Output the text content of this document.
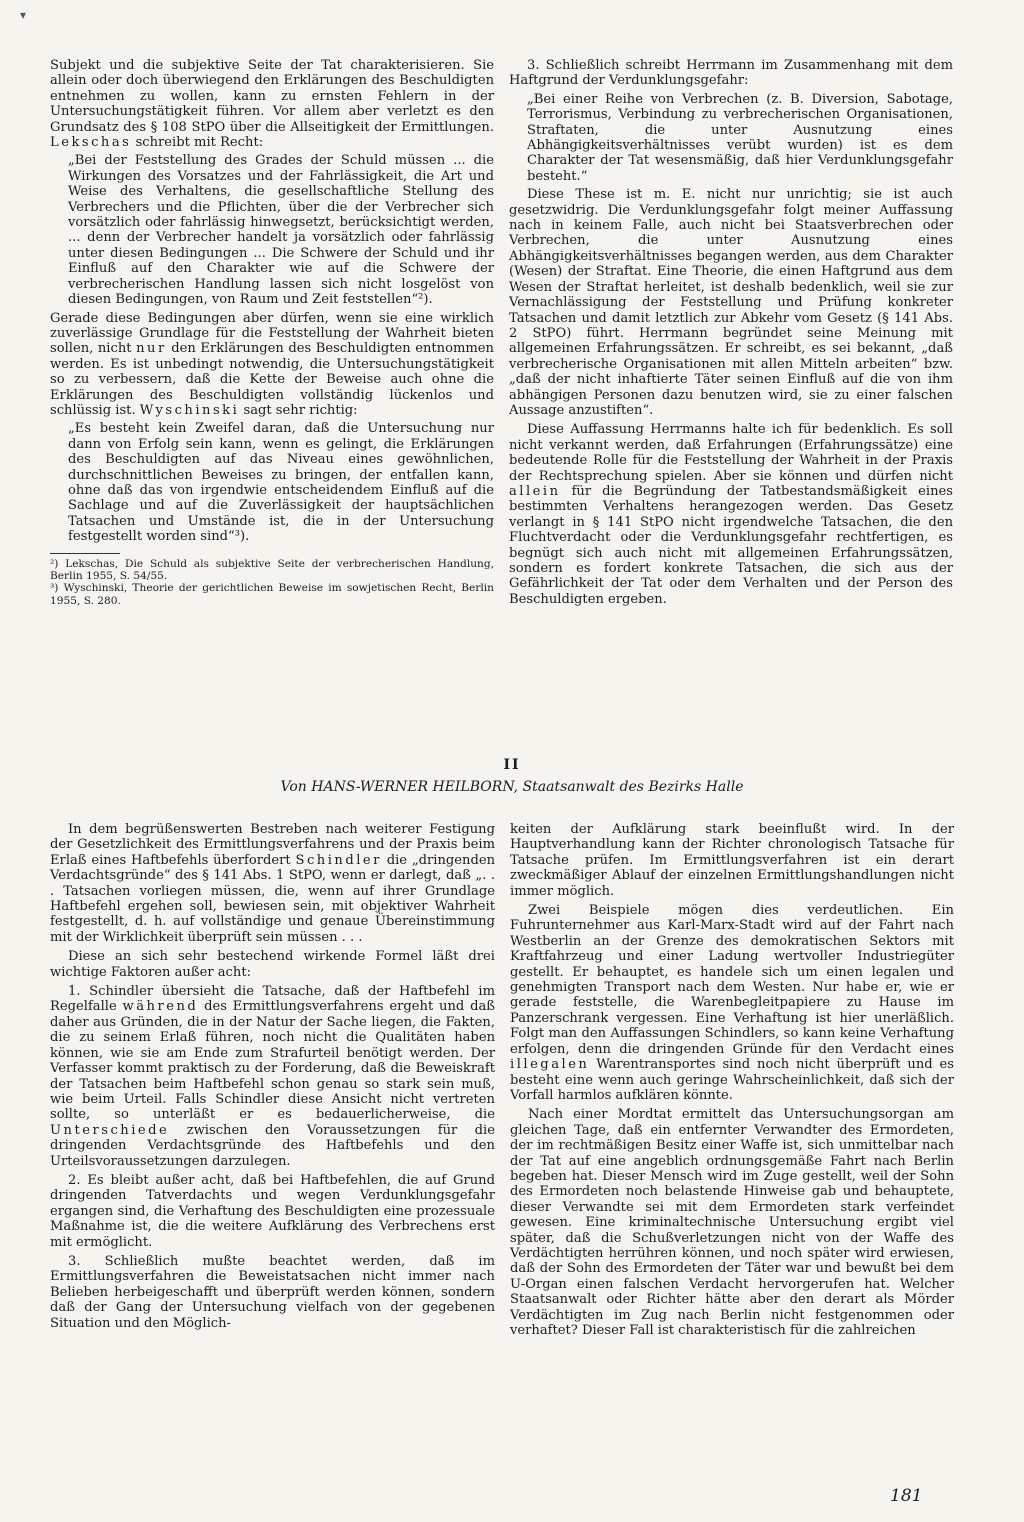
▾

Subjekt und die subjektive Seite der Tat charakterisieren. Sie allein oder doch überwiegend den Erklärungen des Beschuldigten entnehmen zu wollen, kann zu ernsten Fehlern in der Untersuchungstätigkeit führen. Vor allem aber verletzt es den Grundsatz des § 108 StPO über die Allseitigkeit der Ermittlungen. Lekschas schreibt mit Recht:

„Bei der Feststellung des Grades der Schuld müssen ... die Wirkungen des Vorsatzes und der Fahrlässigkeit, die Art und Weise des Verhaltens, die gesellschaftliche Stellung des Verbrechers und die Pflichten, über die der Verbrecher sich vorsätzlich oder fahrlässig hinwegsetzt, berücksichtigt werden, ... denn der Verbrecher handelt ja vorsätzlich oder fahrlässig unter diesen Bedingungen ... Die Schwere der Schuld und ihr Einfluß auf den Charakter wie auf die Schwere der verbrecherischen Handlung lassen sich nicht losgelöst von diesen Bedingungen, von Raum und Zeit feststellen“²).

Gerade diese Bedingungen aber dürfen, wenn sie eine wirklich zuverlässige Grundlage für die Feststellung der Wahrheit bieten sollen, nicht nur den Erklärungen des Beschuldigten entnommen werden. Es ist unbedingt notwendig, die Untersuchungstätigkeit so zu verbessern, daß die Kette der Beweise auch ohne die Erklärungen des Beschuldigten vollständig lückenlos und schlüssig ist. Wyschinski sagt sehr richtig:

„Es besteht kein Zweifel daran, daß die Untersuchung nur dann von Erfolg sein kann, wenn es gelingt, die Erklärungen des Beschuldigten auf das Niveau eines gewöhnlichen, durchschnittlichen Beweises zu bringen, der entfallen kann, ohne daß das von irgendwie entscheidendem Einfluß auf die Sachlage und auf die Zuverlässigkeit der hauptsächlichen Tatsachen und Umstände ist, die in der Untersuchung festgestellt worden sind“³).

²) Lekschas, Die Schuld als subjektive Seite der verbrecherischen Handlung, Berlin 1955, S. 54/55.

³) Wyschinski, Theorie der gerichtlichen Beweise im sowjetischen Recht, Berlin 1955, S. 280.

3. Schließlich schreibt Herrmann im Zusammenhang mit dem Haftgrund der Verdunklungsgefahr:

„Bei einer Reihe von Verbrechen (z. B. Diversion, Sabotage, Terrorismus, Verbindung zu verbrecherischen Organisationen, Straftaten, die unter Ausnutzung eines Abhängigkeitsverhältnisses verübt wurden) ist es dem Charakter der Tat wesensmäßig, daß hier Verdunklungsgefahr besteht.“

Diese These ist m. E. nicht nur unrichtig; sie ist auch gesetzwidrig. Die Verdunklungsgefahr folgt meiner Auffassung nach in keinem Falle, auch nicht bei Staatsverbrechen oder Verbrechen, die unter Ausnutzung eines Abhängigkeitsverhältnisses begangen werden, aus dem Charakter (Wesen) der Straftat. Eine Theorie, die einen Haftgrund aus dem Wesen der Straftat herleitet, ist deshalb bedenklich, weil sie zur Vernachlässigung der Feststellung und Prüfung konkreter Tatsachen und damit letztlich zur Abkehr vom Gesetz (§ 141 Abs. 2 StPO) führt. Herrmann begründet seine Meinung mit allgemeinen Erfahrungssätzen. Er schreibt, es sei bekannt, „daß verbrecherische Organisationen mit allen Mitteln arbeiten“ bzw. „daß der nicht inhaftierte Täter seinen Einfluß auf die von ihm abhängigen Personen dazu benutzen wird, sie zu einer falschen Aussage anzustiften“.

Diese Auffassung Herrmanns halte ich für bedenklich. Es soll nicht verkannt werden, daß Erfahrungen (Erfahrungssätze) eine bedeutende Rolle für die Feststellung der Wahrheit in der Praxis der Rechtsprechung spielen. Aber sie können und dürfen nicht allein für die Begründung der Tatbestandsmäßigkeit eines bestimmten Verhaltens herangezogen werden. Das Gesetz verlangt in § 141 StPO nicht irgendwelche Tatsachen, die den Fluchtverdacht oder die Verdunklungsgefahr rechtfertigen, es begnügt sich auch nicht mit allgemeinen Erfahrungssätzen, sondern es fordert konkrete Tatsachen, die sich aus der Gefährlichkeit der Tat oder dem Verhalten und der Person des Beschuldigten ergeben.

II
Von HANS-WERNER HEILBORN, Staatsanwalt des Bezirks Halle

In dem begrüßenswerten Bestreben nach weiterer Festigung der Gesetzlichkeit des Ermittlungsverfahrens und der Praxis beim Erlaß eines Haftbefehls überfordert Schindler die „dringenden Verdachtsgründe“ des § 141 Abs. 1 StPO, wenn er darlegt, daß „. . . Tatsachen vorliegen müssen, die, wenn auf ihrer Grundlage Haftbefehl ergehen soll, bewiesen sein, mit objektiver Wahrheit festgestellt, d. h. auf vollständige und genaue Übereinstimmung mit der Wirklichkeit überprüft sein müssen . . .

Diese an sich sehr bestechend wirkende Formel läßt drei wichtige Faktoren außer acht:

1. Schindler übersieht die Tatsache, daß der Haftbefehl im Regelfalle während des Ermittlungsverfahrens ergeht und daß daher aus Gründen, die in der Natur der Sache liegen, die Fakten, die zu seinem Erlaß führen, noch nicht die Qualitäten haben können, wie sie am Ende zum Strafurteil benötigt werden. Der Verfasser kommt praktisch zu der Forderung, daß die Beweiskraft der Tatsachen beim Haftbefehl schon genau so stark sein muß, wie beim Urteil. Falls Schindler diese Ansicht nicht vertreten sollte, so unterläßt er es bedauerlicherweise, die Unterschiede zwischen den Voraussetzungen für die dringenden Verdachtsgründe des Haftbefehls und den Urteilsvoraussetzungen darzulegen.

2. Es bleibt außer acht, daß bei Haftbefehlen, die auf Grund dringenden Tatverdachts und wegen Verdunklungsgefahr ergangen sind, die Verhaftung des Beschuldigten eine prozessuale Maßnahme ist, die die weitere Aufklärung des Verbrechens erst mit ermöglicht.

3. Schließlich mußte beachtet werden, daß im Ermittlungsverfahren die Beweistatsachen nicht immer nach Belieben herbeigeschafft und überprüft werden können, sondern daß der Gang der Untersuchung vielfach von der gegebenen Situation und den Möglich-

keiten der Aufklärung stark beeinflußt wird. In der Hauptverhandlung kann der Richter chronologisch Tatsache für Tatsache prüfen. Im Ermittlungsverfahren ist ein derart zweckmäßiger Ablauf der einzelnen Ermittlungshandlungen nicht immer möglich.

Zwei Beispiele mögen dies verdeutlichen. Ein Fuhrunternehmer aus Karl-Marx-Stadt wird auf der Fahrt nach Westberlin an der Grenze des demokratischen Sektors mit Kraftfahrzeug und einer Ladung wertvoller Industriegüter gestellt. Er behauptet, es handele sich um einen legalen und genehmigten Transport nach dem Westen. Nur habe er, wie er gerade feststelle, die Warenbegleitpapiere zu Hause im Panzerschrank vergessen. Eine Verhaftung ist hier unerläßlich. Folgt man den Auffassungen Schindlers, so kann keine Verhaftung erfolgen, denn die dringenden Gründe für den Verdacht eines illegalen Warentransportes sind noch nicht überprüft und es besteht eine wenn auch geringe Wahrscheinlichkeit, daß sich der Vorfall harmlos aufklären könnte.

Nach einer Mordtat ermittelt das Untersuchungsorgan am gleichen Tage, daß ein entfernter Verwandter des Ermordeten, der im rechtmäßigen Besitz einer Waffe ist, sich unmittelbar nach der Tat auf eine angeblich ordnungsgemäße Fahrt nach Berlin begeben hat. Dieser Mensch wird im Zuge gestellt, weil der Sohn des Ermordeten noch belastende Hinweise gab und behauptete, dieser Verwandte sei mit dem Ermordeten stark verfeindet gewesen. Eine kriminaltechnische Untersuchung ergibt viel später, daß die Schußverletzungen nicht von der Waffe des Verdächtigten herrühren können, und noch später wird erwiesen, daß der Sohn des Ermordeten der Täter war und bewußt bei dem U-Organ einen falschen Verdacht hervorgerufen hat. Welcher Staatsanwalt oder Richter hätte aber den derart als Mörder Verdächtigten im Zug nach Berlin nicht festgenommen oder verhaftet? Dieser Fall ist charakteristisch für die zahlreichen

181
